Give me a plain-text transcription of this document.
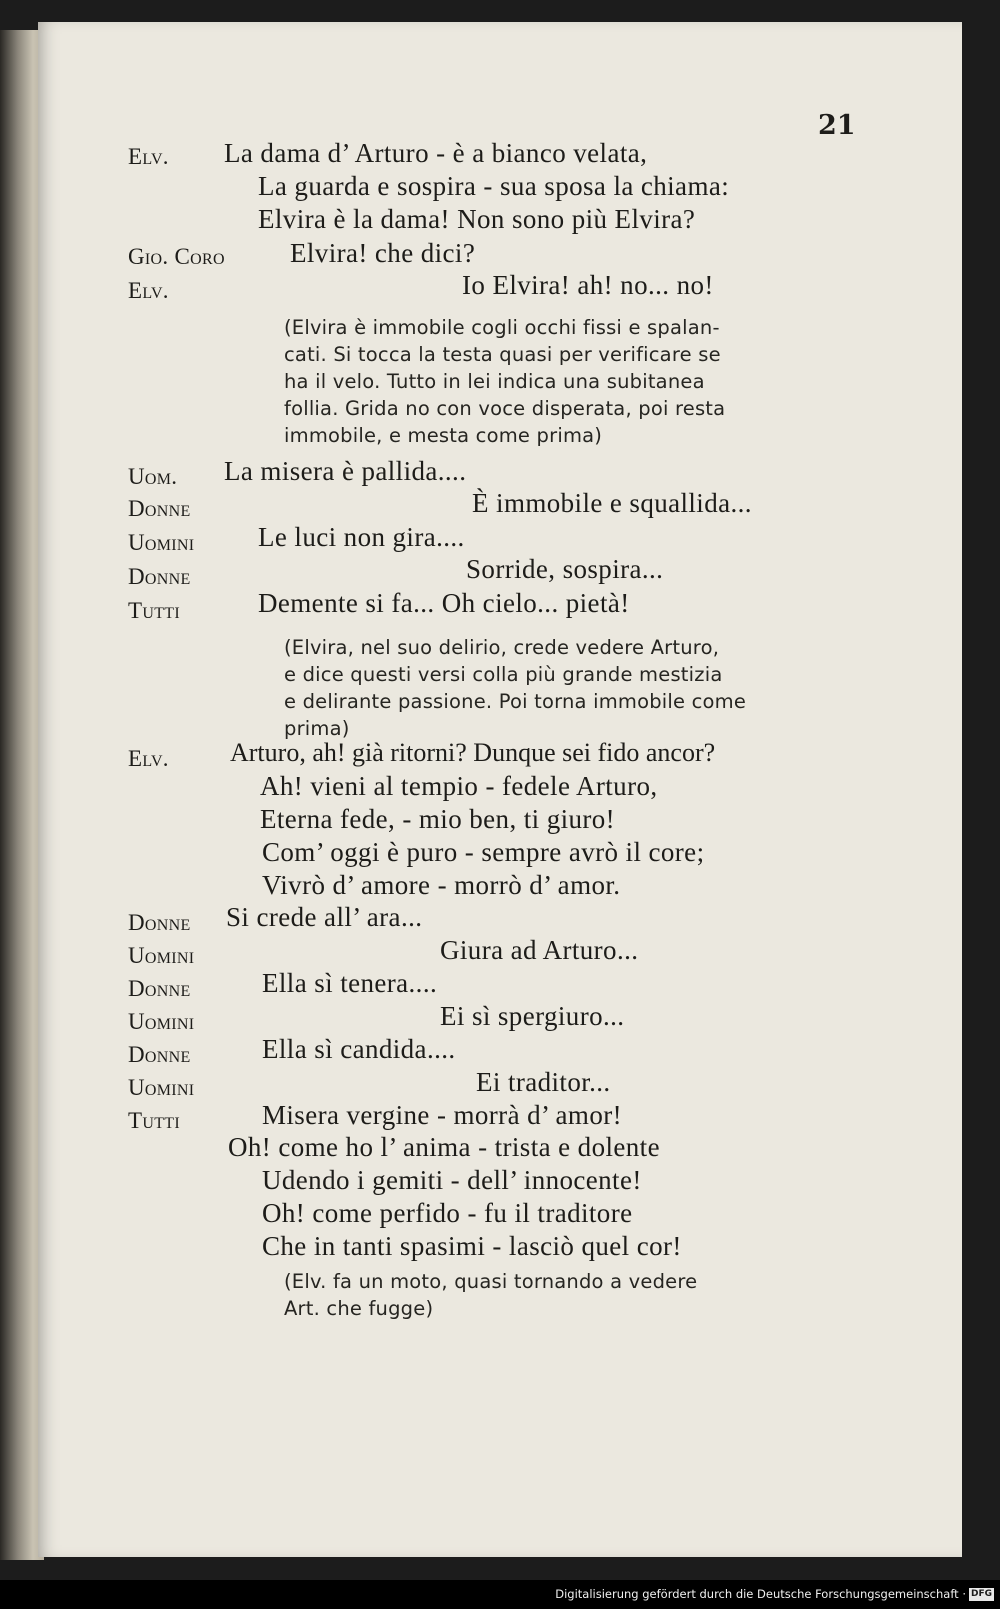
21
Elv. La dama d’ Arturo - è a bianco velata,
La guarda e sospira - sua sposa la chiama:
Elvira è la dama! Non sono più Elvira?
Gio. Coro Elvira! che dici?
Elv.	Io Elvira! ah! no... no!
(Elvira è immobile cogli occhi fissi e spalan-
cati. Si tocca la testa quasi per verificare se
ha il velo. Tutto in lei indica una subitanea
follia. Grida no con voce disperata, poi resta
immobile, e mesta come prima)
Uom. La misera è pallida....
Donne	È immobile e squallida...
Uomini Le luci non gira....
Donne	Sorride, sospira...
Tutti	Demente si fa... Oh cielo... pietà!
(Elvira, nel suo delirio, crede vedere Arturo,
e dice questi versi colla più grande mestizia
e delirante passione. Poi torna immobile come
prima)
Elv. Arturo, ah! già ritorni? Dunque sei fido ancor?
Ah! vieni al tempio - fedele Arturo,
Eterna fede, - mio ben, ti giuro!
Com’ oggi è puro - sempre avrò il core;
Vivrò d’ amore - morrò d’ amor.
Donne Si crede all’ ara...
Uomini	Giura ad Arturo...
Donne	Ella sì tenera....
Uomini	Ei sì spergiuro...
Donne	Ella sì candida....
Uomini	Ei traditor...
Tutti	Misera vergine - morrà d’ amor!
Oh! come ho l’ anima - trista e dolente
Udendo i gemiti - dell’ innocente!
Oh! come perfido - fu il traditore
Che in tanti spasimi - lasciò quel cor!
(Elv. fa un moto, quasi tornando a vedere
Art. che fugge)
Digitalisierung gefördert durch die Deutsche Forschungsgemeinschaft · DFG
